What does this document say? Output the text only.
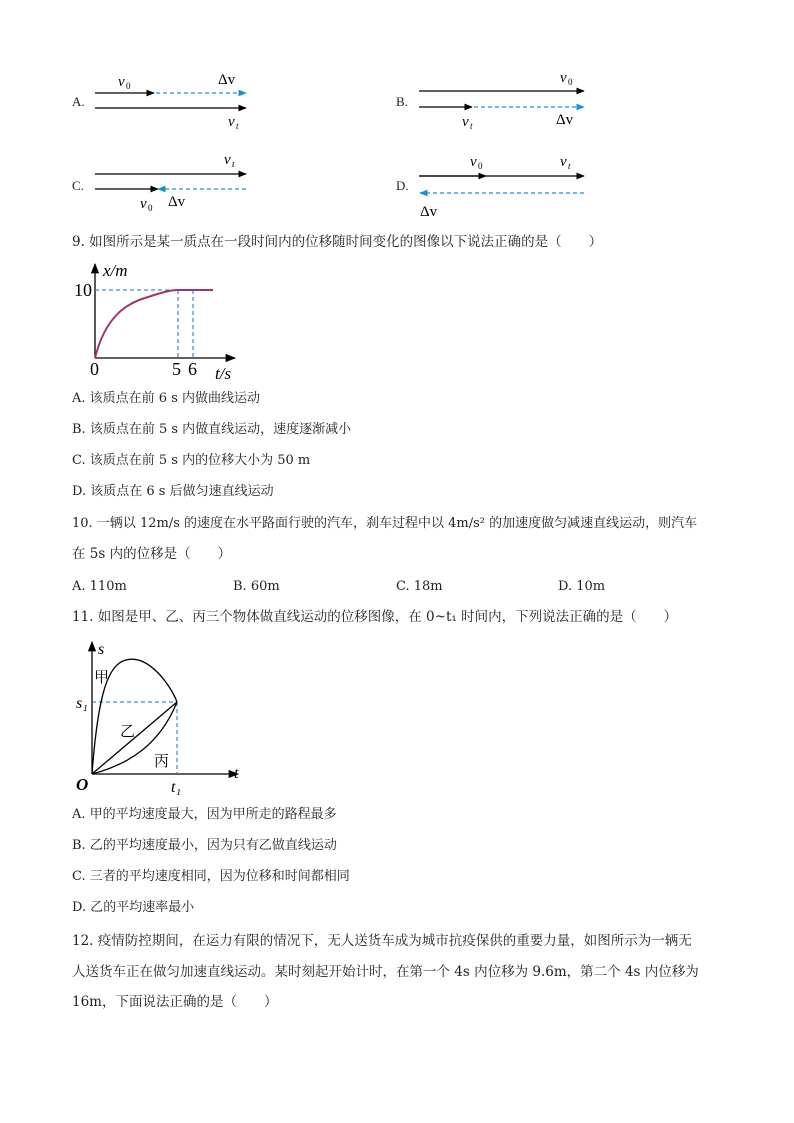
A.
v 0	Δv
v t
B.
v 0
v t	Δv
C.
v t
v 0 Δv
D.
v 0	v t
Δv
9. 如图所示是某一质点在一段时间内的位移随时间变化的图像以下说法正确的是（　　）
x/m
10
0	5 6 t/s
A. 该质点在前 6 s 内做曲线运动
B. 该质点在前 5 s 内做直线运动，速度逐渐减小
C. 该质点在前 5 s 内的位移大小为 50 m
D. 该质点在 6 s 后做匀速直线运动
10. 一辆以 12m/s 的速度在水平路面行驶的汽车，刹车过程中以 4m/s² 的加速度做匀减速直线运动，则汽车
在 5s 内的位移是（　　）
A. 110m	B. 60m	C. 18m	D. 10m
11. 如图是甲、乙、丙三个物体做直线运动的位移图像，在 0~t₁ 时间内，下列说法正确的是（　　）
s
s₁
甲
乙
丙
O	t₁
t
A. 甲的平均速度最大，因为甲所走的路程最多
B. 乙的平均速度最小，因为只有乙做直线运动
C. 三者的平均速度相同，因为位移和时间都相同
D. 乙的平均速率最小
12. 疫情防控期间，在运力有限的情况下，无人送货车成为城市抗疫保供的重要力量，如图所示为一辆无
人送货车正在做匀加速直线运动。某时刻起开始计时，在第一个 4s 内位移为 9.6m，第二个 4s 内位移为
16m，下面说法正确的是（　　）
